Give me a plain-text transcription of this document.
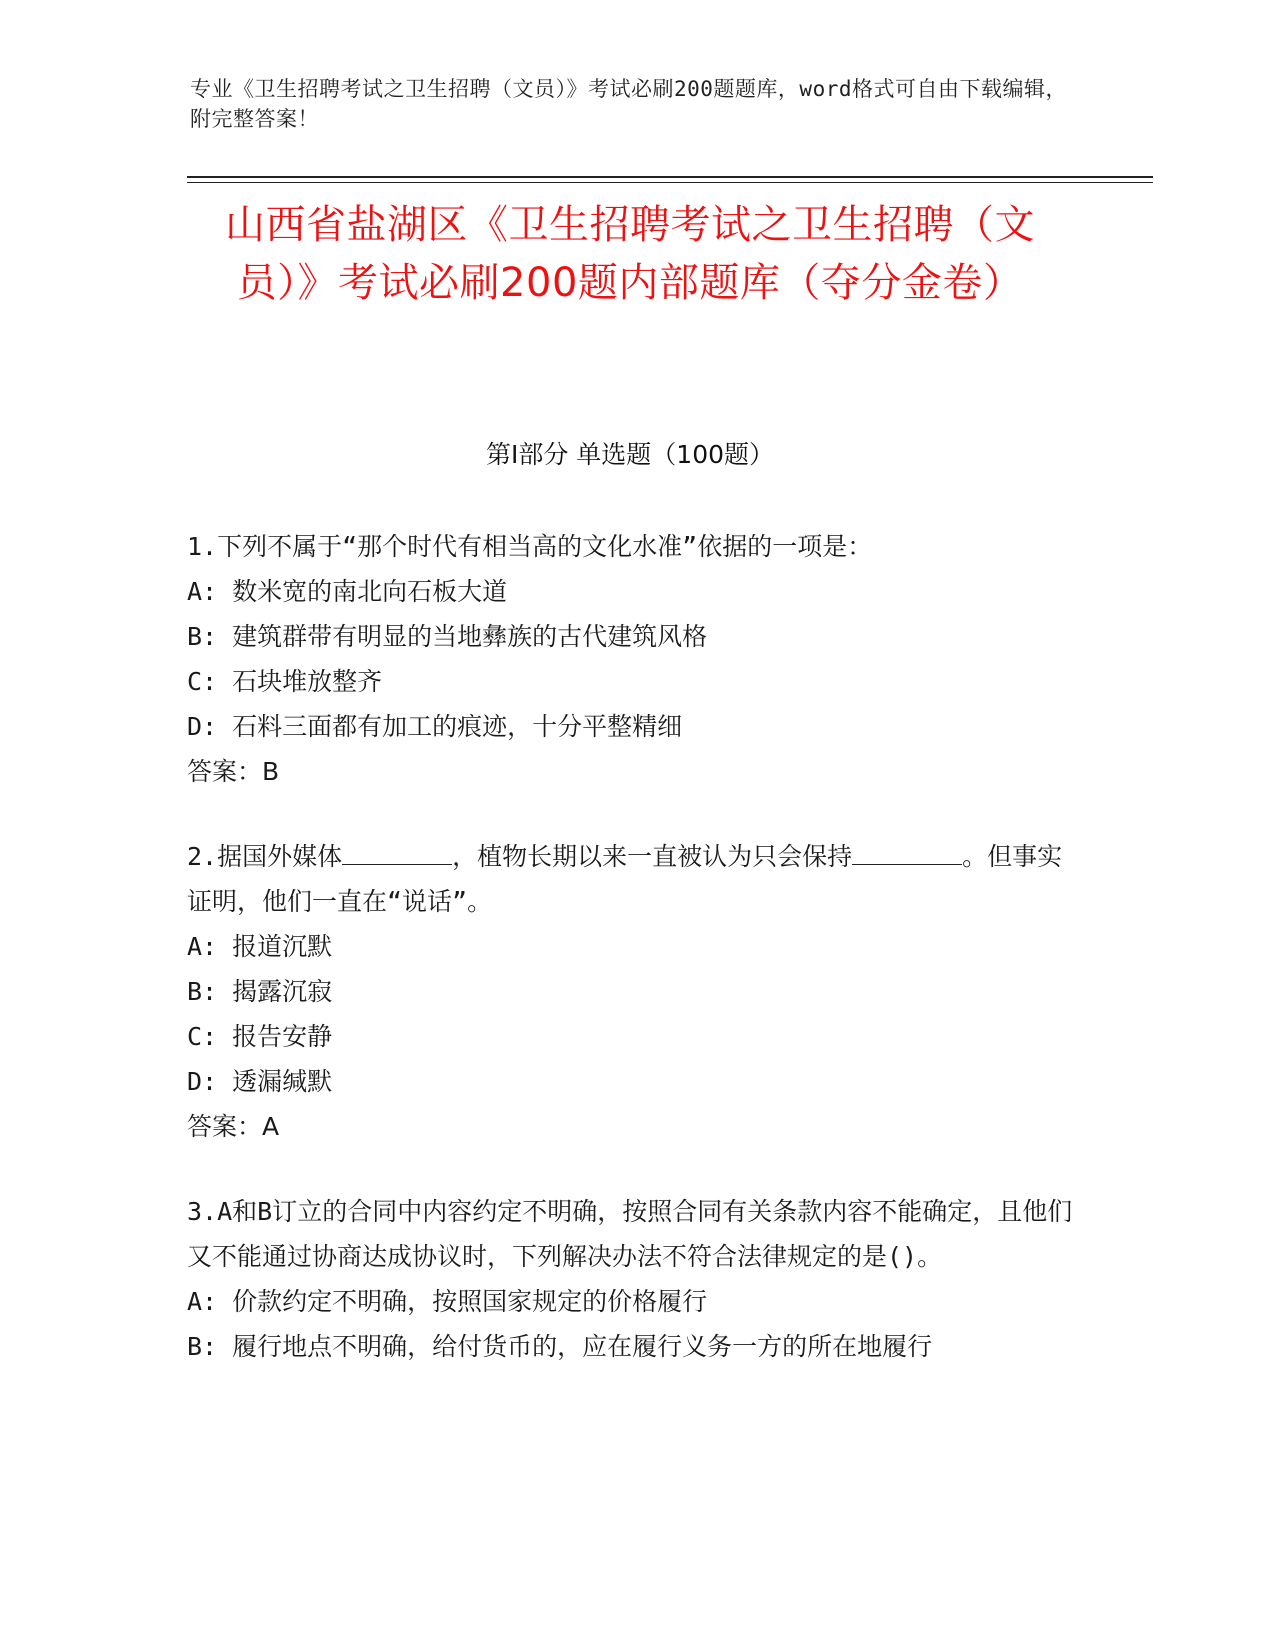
专业《卫生招聘考试之卫生招聘（文员）》考试必刷200题题库，word格式可自由下载编辑，附完整答案！
山西省盐湖区《卫生招聘考试之卫生招聘（文员）》考试必刷200题内部题库（夺分金卷）
第I部分 单选题（100题）

1.下列不属于“那个时代有相当高的文化水准”依据的一项是：

A: 数米宽的南北向石板大道

B: 建筑群带有明显的当地彝族的古代建筑风格

C: 石块堆放整齐

D: 石料三面都有加工的痕迹，十分平整精细

答案：B

2.据国外媒体	，植物长期以来一直被认为只会保持	。但事实证明，他们一直在“说话”。

A: 报道沉默

B: 揭露沉寂

C: 报告安静

D: 透漏缄默

答案：A

3.A和B订立的合同中内容约定不明确，按照合同有关条款内容不能确定，且他们又不能通过协商达成协议时，下列解决办法不符合法律规定的是()。

A: 价款约定不明确，按照国家规定的价格履行

B: 履行地点不明确，给付货币的，应在履行义务一方的所在地履行
